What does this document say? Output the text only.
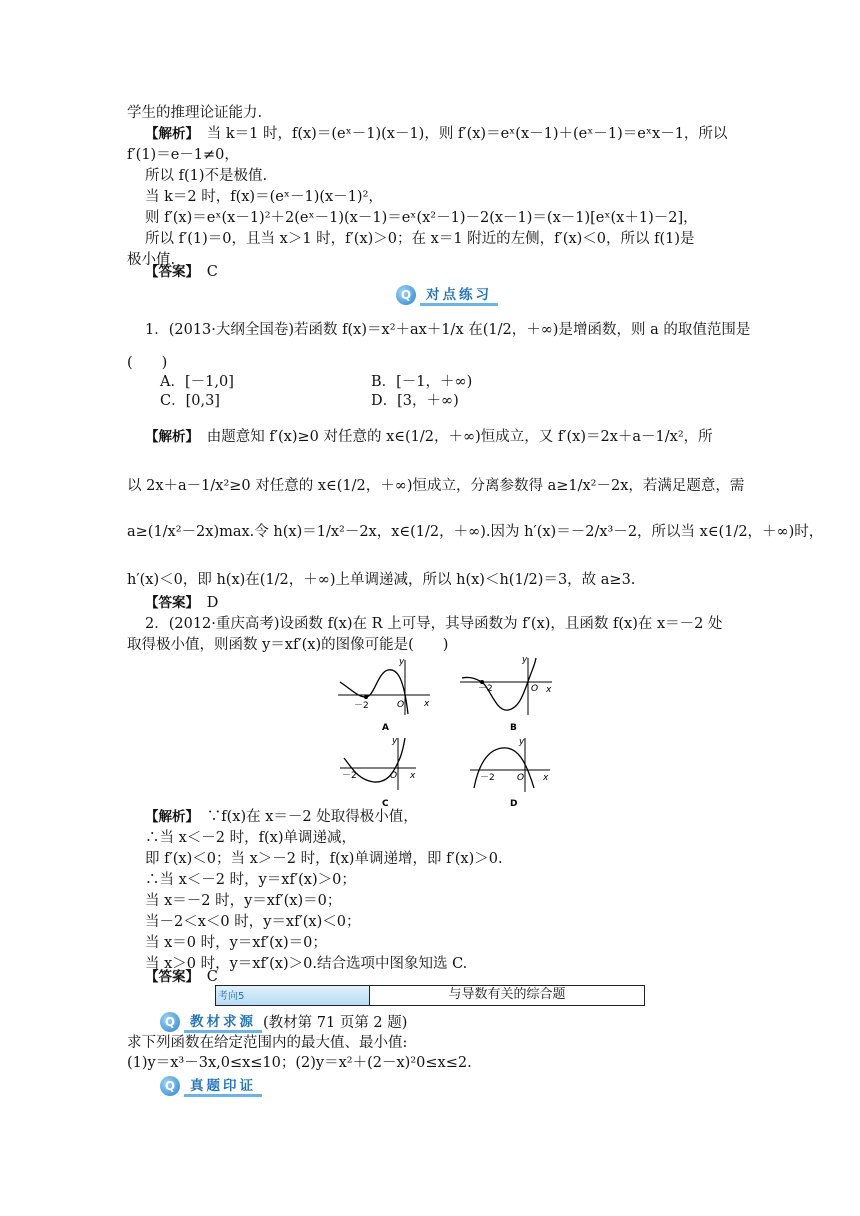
学生的推理论证能力.
【解析】　当 k＝1 时，f(x)＝(eˣ－1)(x－1)，则 f′(x)＝eˣ(x－1)＋(eˣ－1)＝eˣx－1，所以
f′(1)＝e－1≠0，
所以 f(1)不是极值.
当 k＝2 时，f(x)＝(eˣ－1)(x－1)²，
则 f′(x)＝eˣ(x－1)²＋2(eˣ－1)(x－1)＝eˣ(x²－1)－2(x－1)＝(x－1)[eˣ(x＋1)－2]，
所以 f′(1)＝0，且当 x＞1 时，f′(x)＞0；在 x＝1 附近的左侧，f′(x)＜0，所以 f(1)是
极小值.
【答案】　C
Q	对点练习
1．(2013·大纲全国卷)若函数 f(x)＝x²＋ax＋1/x 在(1/2，＋∞)是增函数，则 a 的取值范围是
(　　)
A．[－1,0]	B．[－1，＋∞)
C．[0,3]	D．[3，＋∞)
【解析】　由题意知 f′(x)≥0 对任意的 x∈(1/2，＋∞)恒成立，又 f′(x)＝2x＋a－1/x²，所
以 2x＋a－1/x²≥0 对任意的 x∈(1/2，＋∞)恒成立，分离参数得 a≥1/x²－2x，若满足题意，需
a≥(1/x²－2x)max.令 h(x)＝1/x²－2x，x∈(1/2，＋∞).因为 h′(x)＝－2/x³－2，所以当 x∈(1/2，＋∞)时，
h′(x)＜0，即 h(x)在(1/2，＋∞)上单调递减，所以 h(x)＜h(1/2)＝3，故 a≥3.
【答案】　D
2．(2012·重庆高考)设函数 f(x)在 R 上可导，其导函数为 f′(x)，且函数 f(x)在 x＝－2 处
取得极小值，则函数 y＝xf′(x)的图像可能是(　　)
－2	O x
y
A
－2	O x
y
B
－2	O x
y
C
－2 O x
y
D
【解析】　∵f(x)在 x＝－2 处取得极小值，
∴当 x＜－2 时，f(x)单调递减，
即 f′(x)＜0；当 x＞－2 时，f(x)单调递增，即 f′(x)＞0.
∴当 x＜－2 时，y＝xf′(x)＞0；
当 x＝－2 时，y＝xf′(x)＝0；
当－2＜x＜0 时，y＝xf′(x)＜0；
当 x＝0 时，y＝xf′(x)＝0；
当 x＞0 时，y＝xf′(x)＞0.结合选项中图象知选 C.
【答案】　C
考向5	与导数有关的综合题
Q	教材求源 (教材第 71 页第 2 题)
求下列函数在给定范围内的最大值、最小值:
(1)y＝x³－3x,0≤x≤10；(2)y＝x²＋(2－x)²0≤x≤2.
Q	真题印证
